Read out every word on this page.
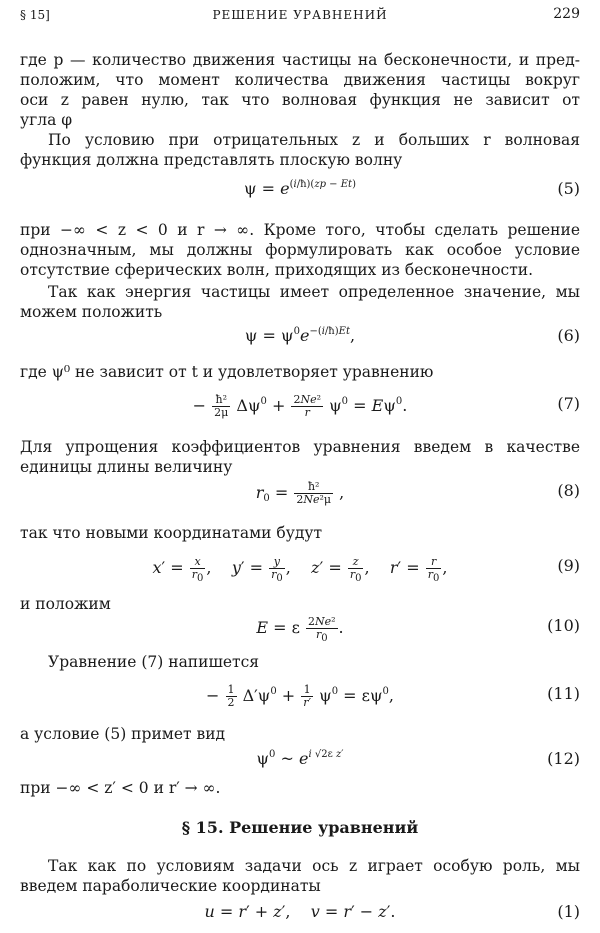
§ 15]	РЕШЕНИЕ УРАВНЕНИЙ	229
где p — количество движения частицы на бесконечности, и пред-
положим, что момент количества движения частицы вокруг
оси z равен нулю, так что волновая функция не зависит от
угла φ
По условию при отрицательных z и больших r волновая
функция должна представлять плоскую волну
$\psi = e^{(i/ħ)(zp - Et)}$	(5)
при −∞ < z < 0 и r → ∞. Кроме того, чтобы сделать решение
однозначным, мы должны формулировать как особое условие
отсутствие сферических волн, приходящих из бесконечности.
Так как энергия частицы имеет определенное значение, мы
можем положить
$\psi = \psi^0e^{-(i/ħ)Et}$,	(6)
где ψ⁰ не зависит от t и удовлетворяет уравнению
− $\frac{\text{ħ²}}{2\mu} \Delta\psi^0 + \frac{\text{2Ne²}}{r} \psi^0 = E\psi^0$.	(7)
Для упрощения коэффициентов уравнения введем в качестве
единицы длины величину
$r_0 = \frac{\text{ħ²}}{\text{2Ne²μ}}$ ,	(8)
так что новыми координатами будут
$x' = \frac{x}{r_0}$ ,    $y' = \frac{y}{r_0}$ ,    $z' = \frac{z}{r_0}$ ,    $r' = \frac{r}{r_0}$ ,	(9)
и положим
E = ε $\frac{\text{2Ne²}}{r_0}$ .	(10)
Уравнение (7) напишется
− $\frac{1}{2} \Delta'\psi^0 + \frac{1}{r'} \psi^0 = \varepsilon\psi^0$,	(11)
а условие (5) примет вид
$\psi^0$ ~ $e^{i √2\varepsilon z'}$	(12)
при −∞ < z′ < 0 и r′ → ∞.
§ 15. Решение уравнений
Так как по условиям задачи ось z играет особую роль, мы
введем параболические координаты
u = r′ + z′,    v = r′ − z′.	(1)
